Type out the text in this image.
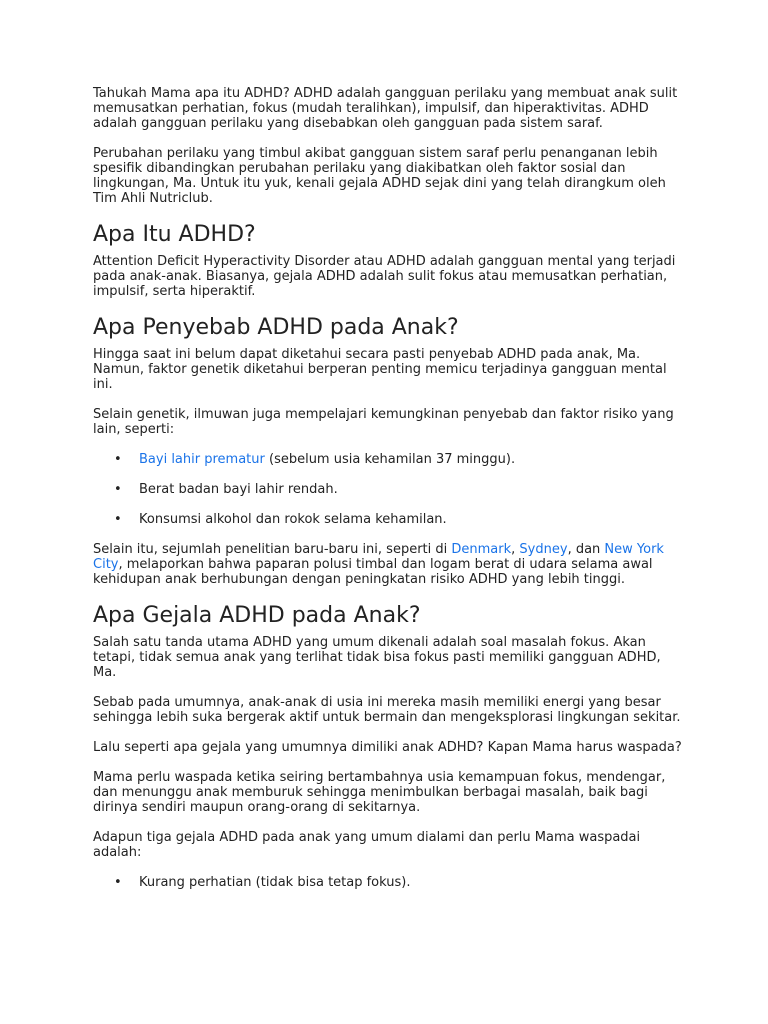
Tahukah Mama apa itu ADHD? ADHD adalah gangguan perilaku yang membuat anak sulit memusatkan perhatian, fokus (mudah teralihkan), impulsif, dan hiperaktivitas. ADHD adalah gangguan perilaku yang disebabkan oleh gangguan pada sistem saraf.

Perubahan perilaku yang timbul akibat gangguan sistem saraf perlu penanganan lebih spesifik dibandingkan perubahan perilaku yang diakibatkan oleh faktor sosial dan lingkungan, Ma. Untuk itu yuk, kenali gejala ADHD sejak dini yang telah dirangkum oleh Tim Ahli Nutriclub.

Apa Itu ADHD?

Attention Deficit Hyperactivity Disorder atau ADHD adalah gangguan mental yang terjadi pada anak-anak. Biasanya, gejala ADHD adalah sulit fokus atau memusatkan perhatian, impulsif, serta hiperaktif.

Apa Penyebab ADHD pada Anak?

Hingga saat ini belum dapat diketahui secara pasti penyebab ADHD pada anak, Ma. Namun, faktor genetik diketahui berperan penting memicu terjadinya gangguan mental ini.

Selain genetik, ilmuwan juga mempelajari kemungkinan penyebab dan faktor risiko yang lain, seperti:

• Bayi lahir prematur (sebelum usia kehamilan 37 minggu).
• Berat badan bayi lahir rendah.
• Konsumsi alkohol dan rokok selama kehamilan.

Selain itu, sejumlah penelitian baru-baru ini, seperti di Denmark, Sydney, dan New York City, melaporkan bahwa paparan polusi timbal dan logam berat di udara selama awal kehidupan anak berhubungan dengan peningkatan risiko ADHD yang lebih tinggi.

Apa Gejala ADHD pada Anak?

Salah satu tanda utama ADHD yang umum dikenali adalah soal masalah fokus. Akan tetapi, tidak semua anak yang terlihat tidak bisa fokus pasti memiliki gangguan ADHD, Ma.

Sebab pada umumnya, anak-anak di usia ini mereka masih memiliki energi yang besar sehingga lebih suka bergerak aktif untuk bermain dan mengeksplorasi lingkungan sekitar.

Lalu seperti apa gejala yang umumnya dimiliki anak ADHD? Kapan Mama harus waspada?

Mama perlu waspada ketika seiring bertambahnya usia kemampuan fokus, mendengar, dan menunggu anak memburuk sehingga menimbulkan berbagai masalah, baik bagi dirinya sendiri maupun orang-orang di sekitarnya.

Adapun tiga gejala ADHD pada anak yang umum dialami dan perlu Mama waspadai adalah:

• Kurang perhatian (tidak bisa tetap fokus).
